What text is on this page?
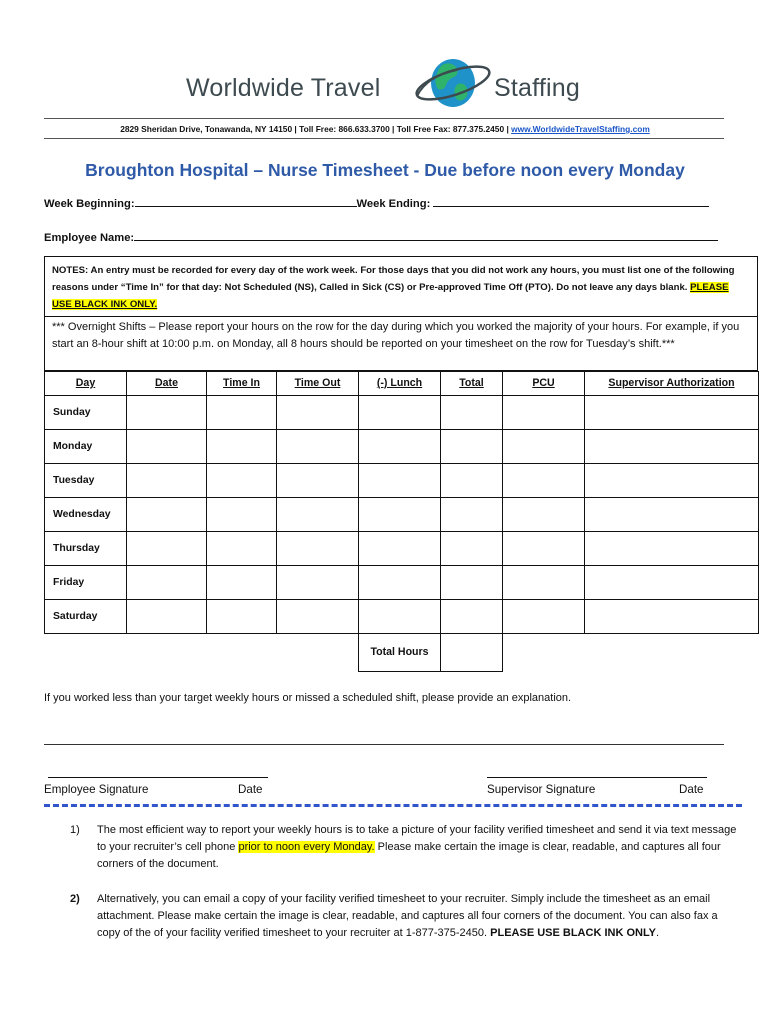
Worldwide Travel	Staffing
2829 Sheridan Drive, Tonawanda, NY 14150 | Toll Free: 866.633.3700 | Toll Free Fax: 877.375.2450 | www.WorldwideTravelStaffing.com
Broughton Hospital – Nurse Timesheet - Due before noon every Monday
Week Beginning:	Week Ending:
Employee Name:
NOTES: An entry must be recorded for every day of the work week. For those days that you did not work any hours, you must list one of the following reasons under “Time In” for that day: Not Scheduled (NS), Called in Sick (CS) or Pre-approved Time Off (PTO). Do not leave any days blank. PLEASE USE BLACK INK ONLY.
*** Overnight Shifts – Please report your hours on the row for the day during which you worked the majority of your hours. For example, if you start an 8-hour shift at 10:00 p.m. on Monday, all 8 hours should be reported on your timesheet on the row for Tuesday’s shift.***
Day	Date	Time In	Time Out	(-) Lunch	Total	PCU	Supervisor Authorization
Sunday							
Monday							
Tuesday							
Wednesday							
Thursday							
Friday							
Saturday							
				Total Hours			
If you worked less than your target weekly hours or missed a scheduled shift, please provide an explanation.
Employee Signature	Date	Supervisor Signature	Date
1) The most efficient way to report your weekly hours is to take a picture of your facility verified timesheet and send it via text message to your recruiter’s cell phone prior to noon every Monday. Please make certain the image is clear, readable, and captures all four corners of the document.
2) Alternatively, you can email a copy of your facility verified timesheet to your recruiter. Simply include the timesheet as an email attachment. Please make certain the image is clear, readable, and captures all four corners of the document. You can also fax a copy of the of your facility verified timesheet to your recruiter at 1-877-375-2450. PLEASE USE BLACK INK ONLY.
